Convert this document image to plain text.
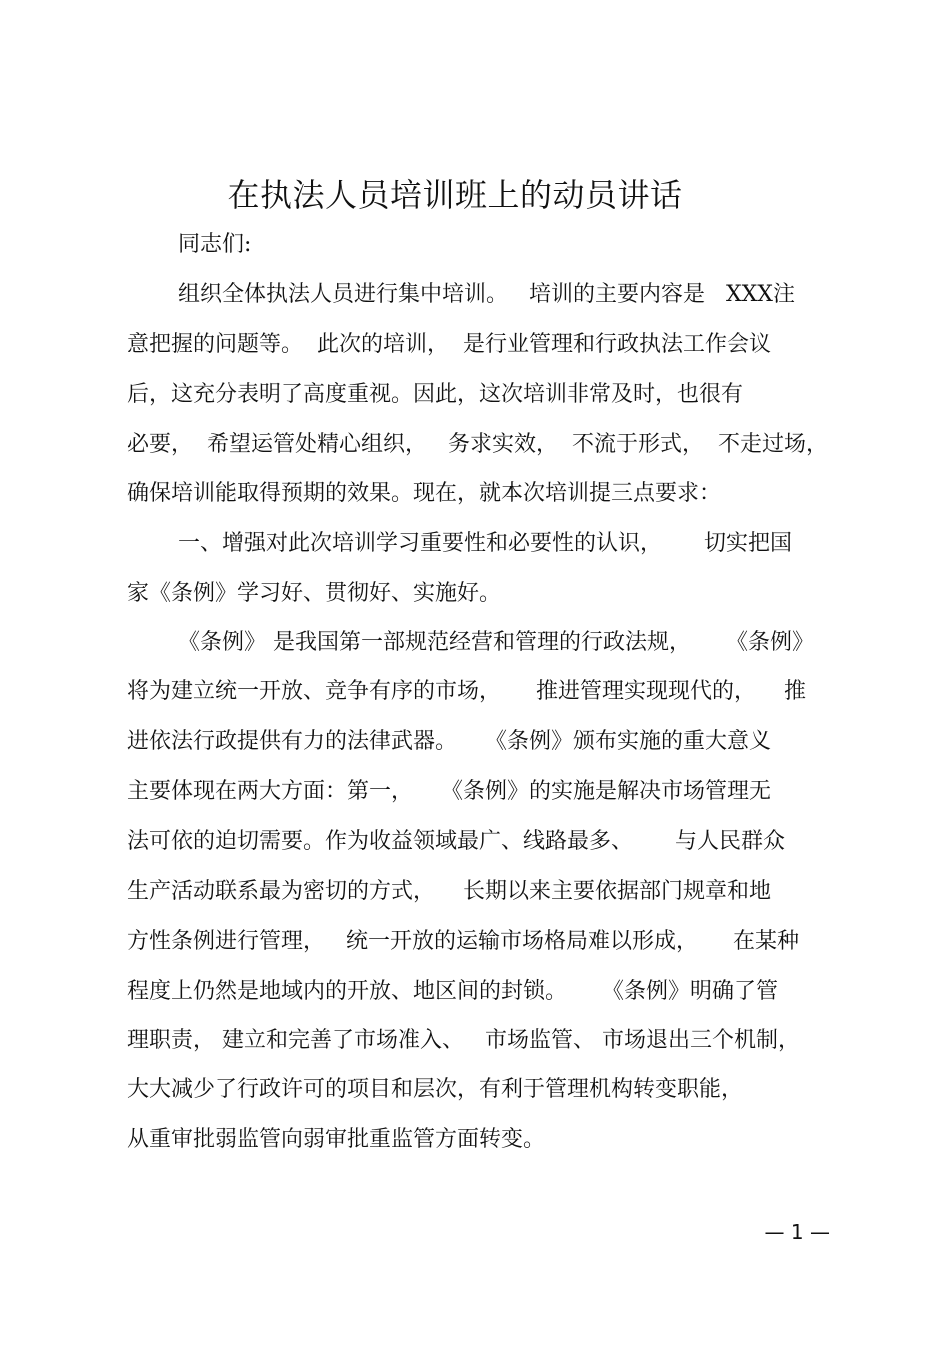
在执法人员培训班上的动员讲话
同志们:
组织全体执法人员进行集中培训。   培训的主要内容是   XXX注
意把握的问题等。  此次的培训，  是行业管理和行政执法工作会议
后，这充分表明了高度重视。因此，这次培训非常及时，也很有
必要，  希望运管处精心组织，   务求实效，  不流于形式，  不走过场，
确保培训能取得预期的效果。现在，就本次培训提三点要求：
一、增强对此次培训学习重要性和必要性的认识，      切实把国
家《条例》学习好、贯彻好、实施好。
《条例》 是我国第一部规范经营和管理的行政法规，     《条例》
将为建立统一开放、竞争有序的市场，     推进管理实现现代的，    推
进依法行政提供有力的法律武器。    《条例》颁布实施的重大意义
主要体现在两大方面：第一，    《条例》的实施是解决市场管理无
法可依的迫切需要。作为收益领域最广、线路最多、      与人民群众
生产活动联系最为密切的方式，    长期以来主要依据部门规章和地
方性条例进行管理，   统一开放的运输市场格局难以形成，     在某种
程度上仍然是地域内的开放、地区间的封锁。     《条例》明确了管
理职责， 建立和完善了市场准入、   市场监管、 市场退出三个机制，
大大减少了行政许可的项目和层次，有利于管理机构转变职能，
从重审批弱监管向弱审批重监管方面转变。
— 1 —
